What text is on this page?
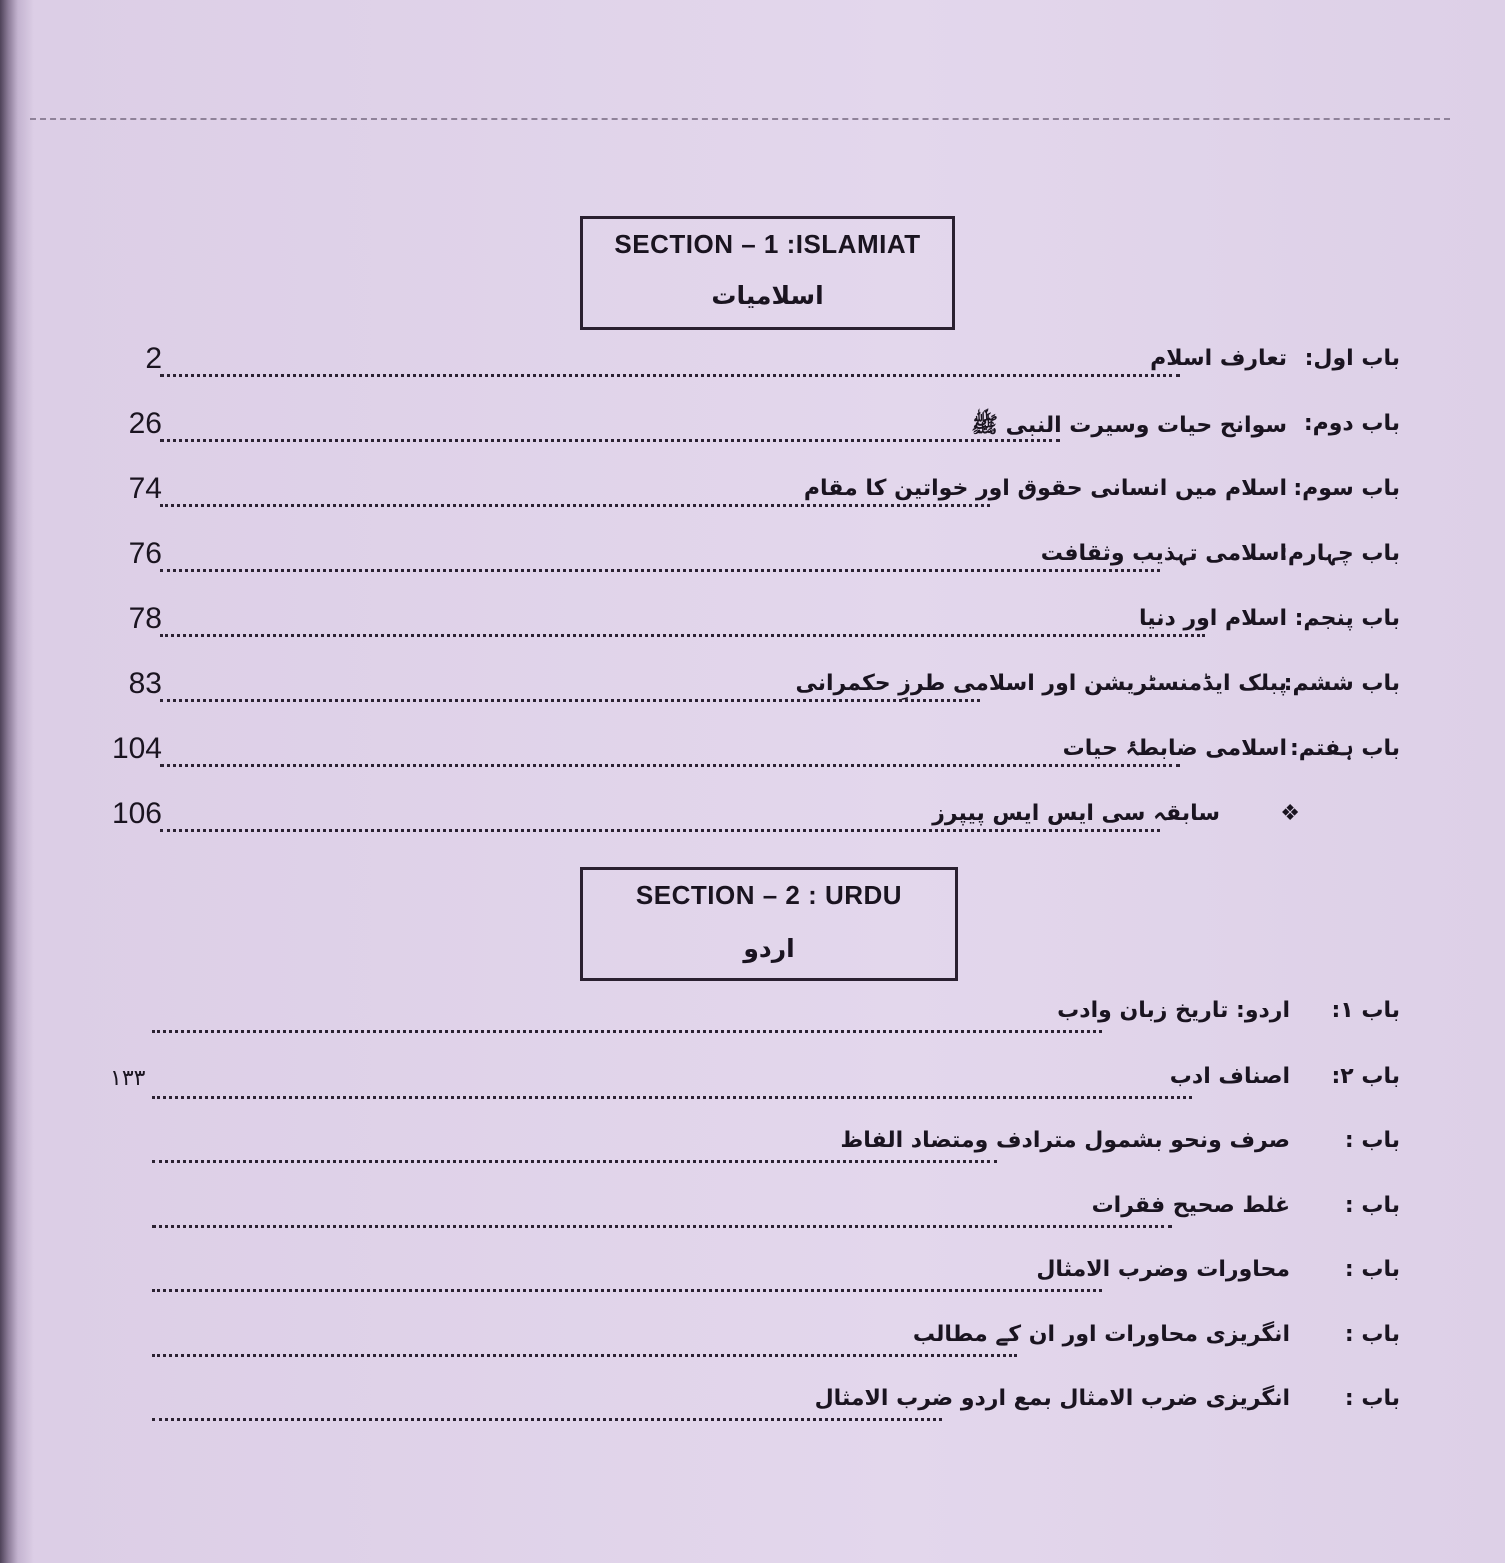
SECTION – 1 :ISLAMIAT
اسلامیات
باب اول:
تعارف اسلام
2
باب دوم:
سوانح حیات وسیرت النبی ﷺ
26
باب سوم:
اسلام میں انسانی حقوق اور خواتین کا مقام
74
باب چہارم:
اسلامی تہذیب وثقافت
76
باب پنجم:
اسلام اور دنیا
78
باب ششم:
پبلک ایڈمنسٹریشن اور اسلامی طرزِ حکمرانی
83
باب ہفتم:
اسلامی ضابطۂ حیات
104
❖
سابقہ سی ایس ایس پیپرز
106
SECTION – 2 : URDU
اردو
باب ۱:
اردو: تاریخ زبان وادب
باب ۲:
اصناف ادب
۱۳۳
باب :
صرف ونحو بشمول مترادف ومتضاد الفاظ
باب :
غلط صحیح فقرات
باب :
محاورات وضرب الامثال
باب :
انگریزی محاورات اور ان کے مطالب
باب :
انگریزی ضرب الامثال بمع اردو ضرب الامثال
